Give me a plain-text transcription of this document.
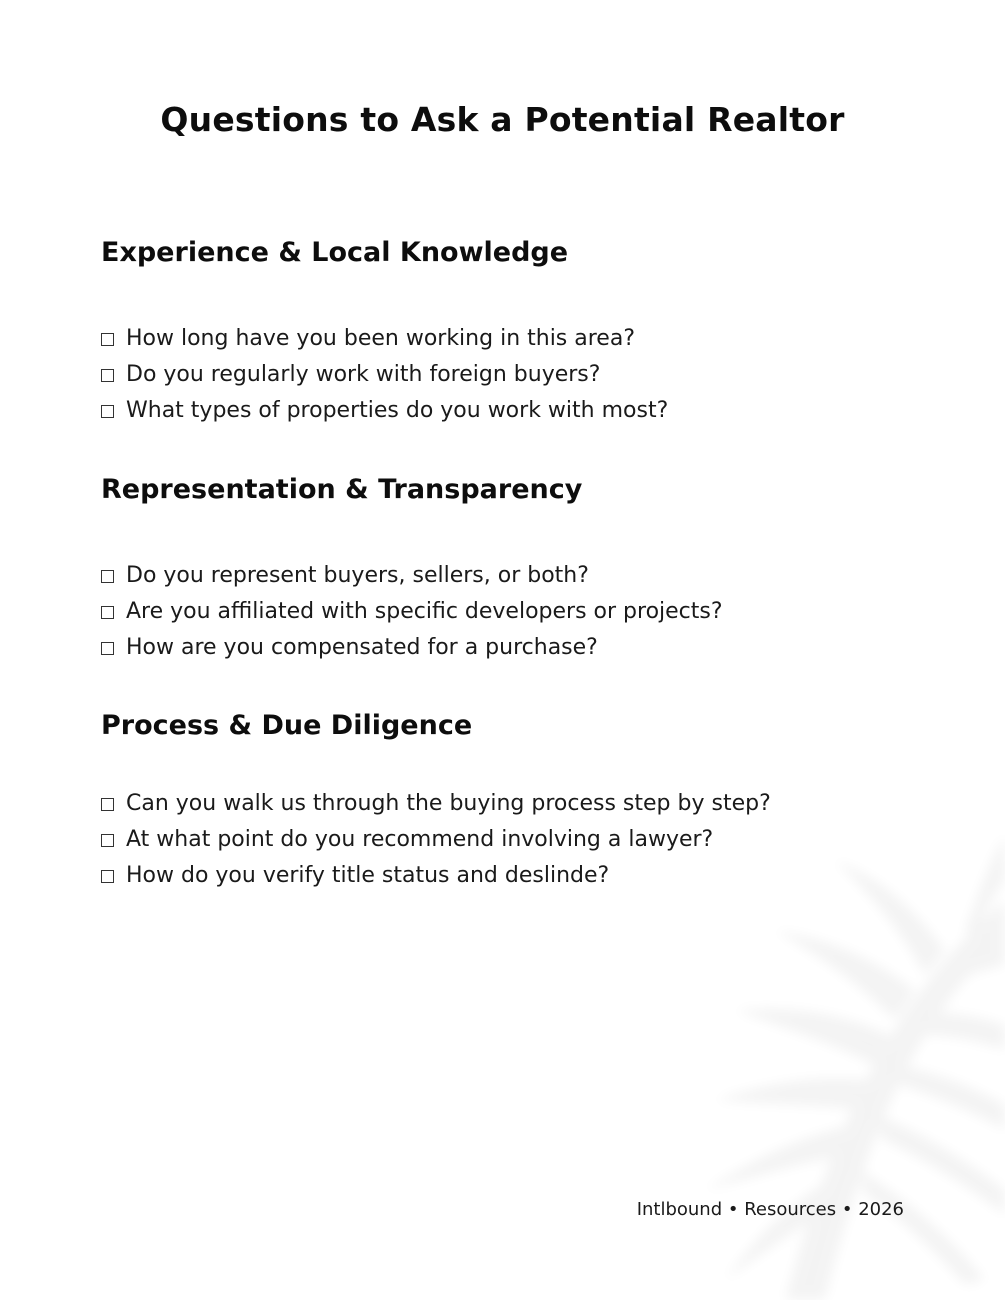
Questions to Ask a Potential Realtor
Experience & Local Knowledge
How long have you been working in this area?
Do you regularly work with foreign buyers?
What types of properties do you work with most?
Representation & Transparency
Do you represent buyers, sellers, or both?
Are you affiliated with specific developers or projects?
How are you compensated for a purchase?
Process & Due Diligence
Can you walk us through the buying process step by step?
At what point do you recommend involving a lawyer?
How do you verify title status and deslinde?
Intlbound • Resources • 2026
